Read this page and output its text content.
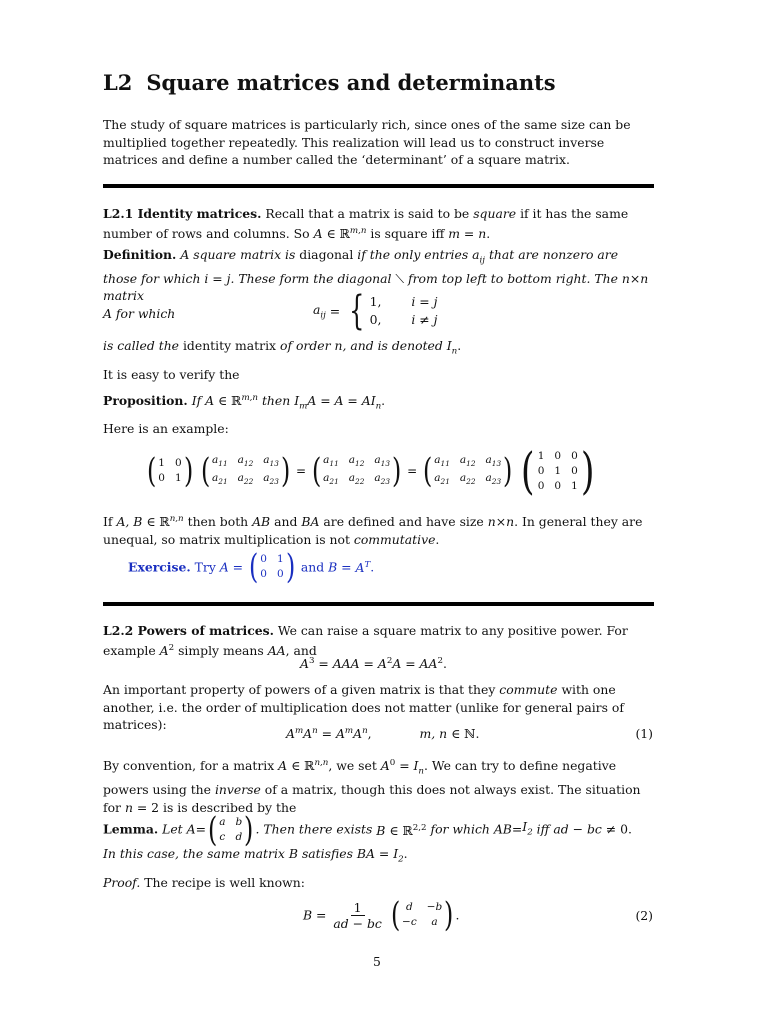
L2 Square matrices and determinants
The study of square matrices is particularly rich, since ones of the same size can be multiplied together repeatedly. This realization will lead us to construct inverse matrices and define a number called the ‘determinant’ of a square matrix.
L2.1 Identity matrices. Recall that a matrix is said to be square if it has the same number of rows and columns. So A ∈ ℝ$^{m,n}$ is square iff m = n.
Definition. A square matrix is diagonal if the only entries $a_{ij}$ that are nonzero are those for which i = j. These form the diagonal ⟍ from top left to bottom right. The n×n matrix
A for which	$a_{ij}$ = { 1, i = j
0, i ≠ j
is called the identity matrix of order n, and is denoted $I_n$.
It is easy to verify the
Proposition. If A ∈ ℝ$^{m,n}$ then $I_mA = A = AI_n$.
Here is an example:
( 1 0
0 1 )
( $a_{11}$ $a_{12}$ $a_{13}$
$a_{21}$ $a_{22}$ $a_{23}$ ) = ( $a_{11}$ $a_{12}$ $a_{13}$
$a_{21}$ $a_{22}$ $a_{23}$ ) = ( $a_{11}$ $a_{12}$ $a_{13}$
$a_{21}$ $a_{22}$ $a_{23}$ )
( 1 0 0
0 1 0
0 0 1 )
If A, B ∈ ℝ$^{n,n}$ then both AB and BA are defined and have size n×n. In general they are unequal, so matrix multiplication is not commutative.
Exercise. Try A = ( 0 1
0 0 ) and $B = A^T$.
L2.2 Powers of matrices. We can raise a square matrix to any positive power. For example $A^2$ simply means AA, and
$A^3$ = AAA = $A^2A = AA^2$.
An important property of powers of a given matrix is that they commute with one another, i.e. the order of multiplication does not matter (unlike for general pairs of matrices):
$A^mA^n = A^mA^n$,	m, n ∈ ℕ.	(1)
By convention, for a matrix A ∈ ℝ$^{n,n}$, we set $A^0 = I_n$. We can try to define negative powers using the inverse of a matrix, though this does not always exist. The situation for n = 2 is is described by the
Lemma. Let A= ( a b
c d ) . Then there exists B ∈ ℝ$^{2,2}$ for which $AB=I_2$ iff ad − bc ≠ 0.
In this case, the same matrix B satisfies BA = $I_2$.
Proof. The recipe is well known:
$B = \frac{1}{ad - bc}$
( d	−b
−c	a ) .	(2)
5
